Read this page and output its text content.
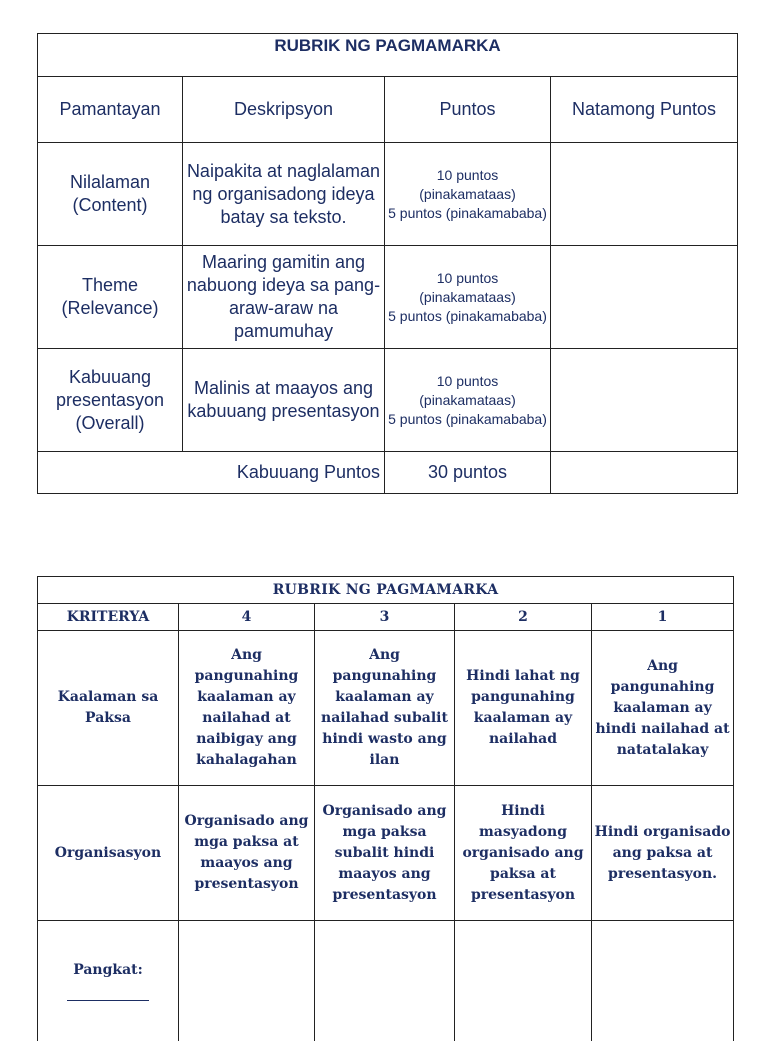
RUBRIK NG PAGMAMARKA			
Pamantayan	Deskripsyon	Puntos	Natamong Puntos
Nilalaman (Content)	Naipakita at naglalaman ng organisadong ideya batay sa teksto.	10 puntos (pinakamataas)
5 puntos (pinakamababa)	

Theme (Relevance)	Maaring gamitin ang nabuong ideya sa pang-araw-araw na pamumuhay	10 puntos (pinakamataas)
5 puntos (pinakamababa)	

Kabuuang presentasyon (Overall)	Malinis at maayos ang kabuuang presentasyon	10 puntos (pinakamataas)
5 puntos (pinakamababa)	

	Kabuuang Puntos	30 puntos	
RUBRIK NG PAGMAMARKA				
KRITERYA	4	3	2	1
Kaalaman sa Paksa	Ang pangunahing kaalaman ay nailahad at naibigay ang kahalagahan	Ang pangunahing kaalaman ay nailahad subalit hindi wasto ang ilan	Hindi lahat ng pangunahing kaalaman ay nailahad	Ang pangunahing kaalaman ay hindi nailahad at natatalakay
Organisasyon	Organisado ang mga paksa at maayos ang presentasyon	Organisado ang mga paksa subalit hindi maayos ang presentasyon	Hindi masyadong organisado ang paksa at presentasyon	Hindi organisado ang paksa at presentasyon.

Pangkat:				
